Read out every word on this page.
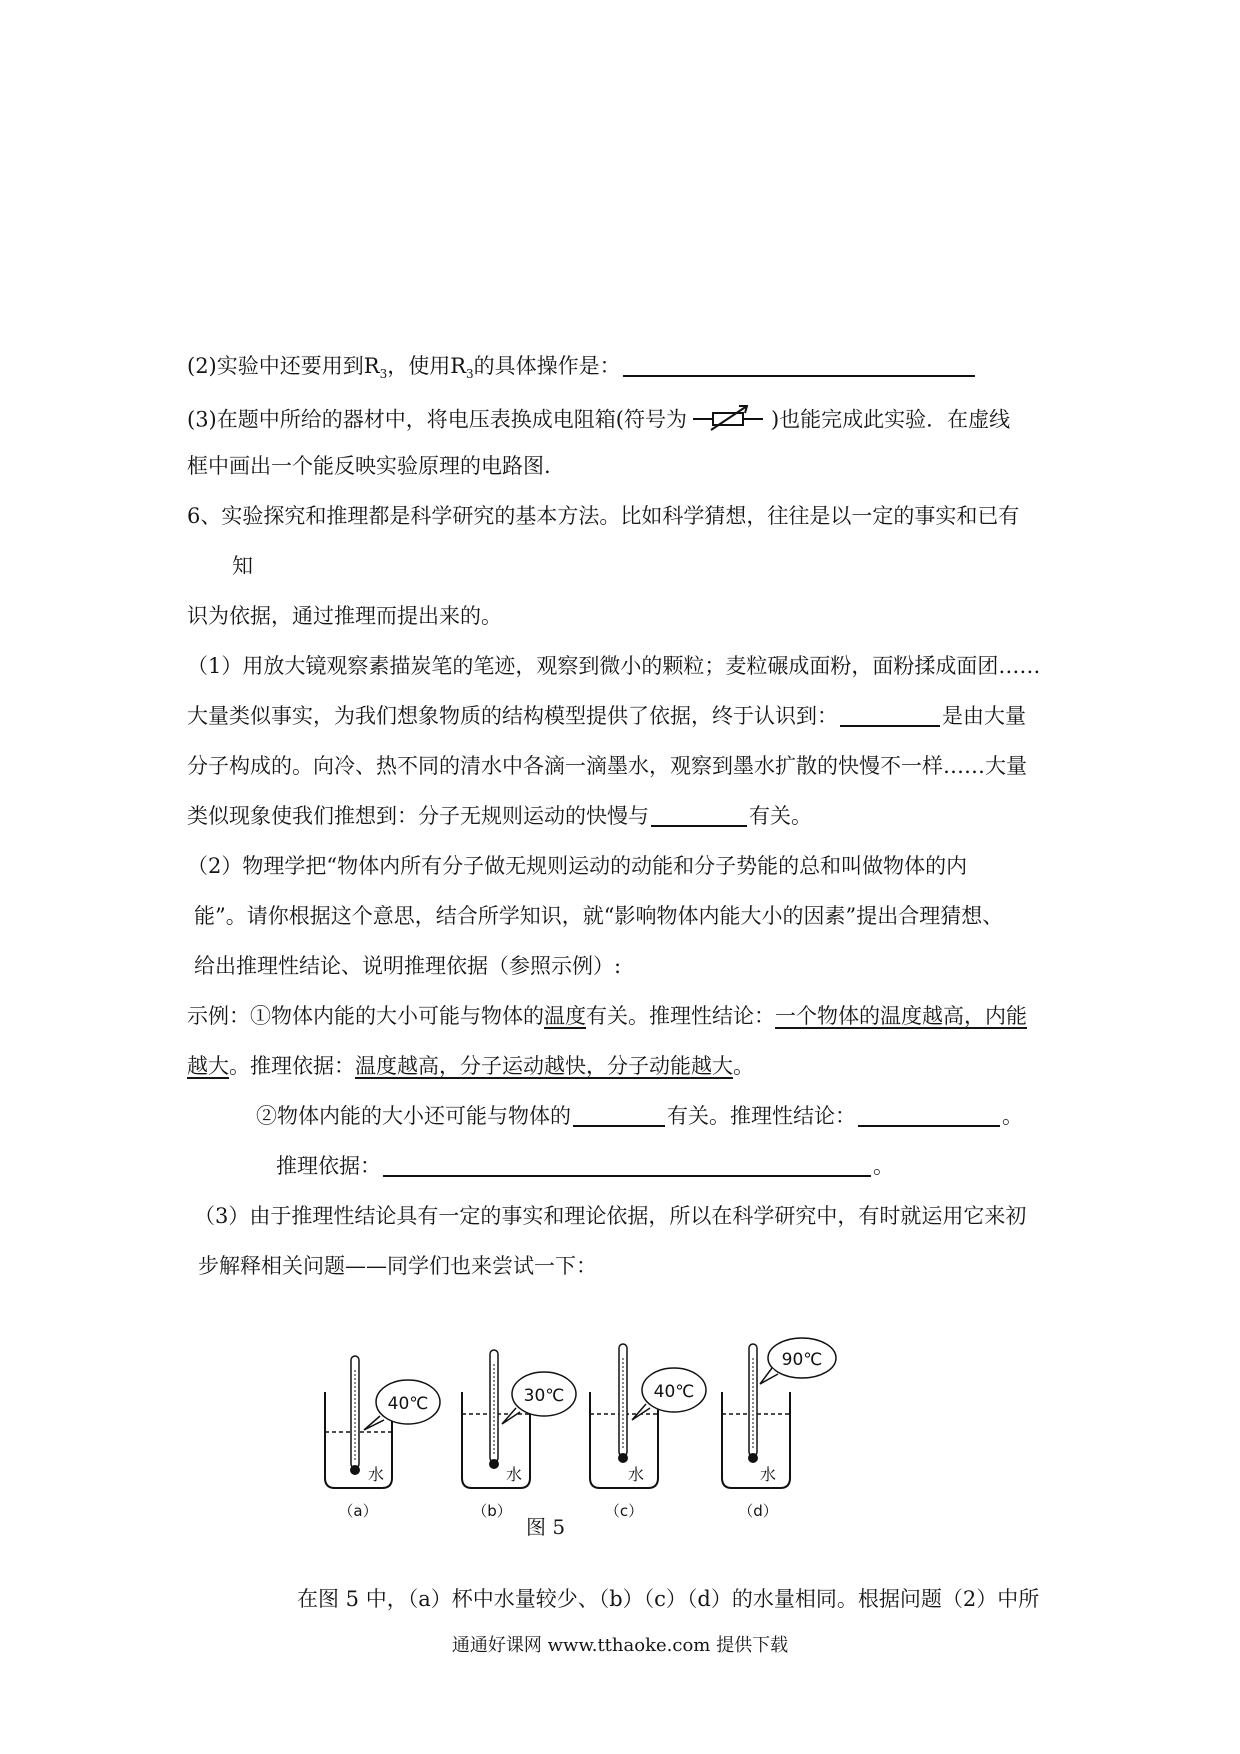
(2)实验中还要用到$R_3$，使用$R_3$的具体操作是：
(3)在题中所给的器材中，将电压表换成电阻箱(符号为	)也能完成此实验．在虚线
框中画出一个能反映实验原理的电路图.
6、实验探究和推理都是科学研究的基本方法。比如科学猜想，往往是以一定的事实和已有
知
识为依据，通过推理而提出来的。
（1）用放大镜观察素描炭笔的笔迹，观察到微小的颗粒；麦粒碾成面粉，面粉揉成面团……
大量类似事实，为我们想象物质的结构模型提供了依据，终于认识到：	是由大量
分子构成的。向冷、热不同的清水中各滴一滴墨水，观察到墨水扩散的快慢不一样……大量
类似现象使我们推想到：分子无规则运动的快慢与	有关。
（2）物理学把“物体内所有分子做无规则运动的动能和分子势能的总和叫做物体的内
能”。请你根据这个意思，结合所学知识，就“影响物体内能大小的因素”提出合理猜想、
给出推理性结论、说明推理依据（参照示例）:
示例：①物体内能的大小可能与物体的温度有关。推理性结论：一个物体的温度越高，内能
越大。推理依据：温度越高，分子运动越快，分子动能越大。
②物体内能的大小还可能与物体的	有关。推理性结论：	。
推理依据：	。
（3）由于推理性结论具有一定的事实和理论依据，所以在科学研究中，有时就运用它来初
步解释相关问题——同学们也来尝试一下：
40℃
水
（a）
30℃
水
（b）
40℃
水
（c）
90℃
水
（d）
图 5
在图 5 中，（a）杯中水量较少、（b）（c）（d）的水量相同。根据问题（2）中所
通通好课网 www.tthaoke.com 提供下载
